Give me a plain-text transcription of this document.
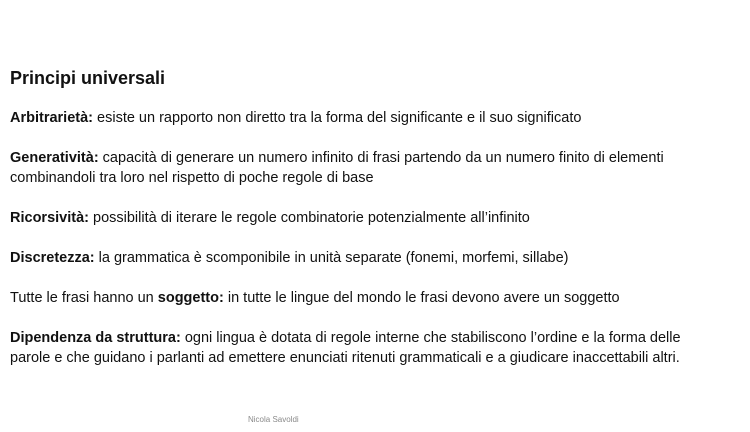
Principi universali

Arbitrarietà: esiste un rapporto non diretto tra la forma del significante e il suo significato

Generatività: capacità di generare un numero infinito di frasi partendo da un numero finito di elementi combinandoli tra loro nel rispetto di poche regole di base

Ricorsività: possibilità di iterare le regole combinatorie potenzialmente all’infinito

Discretezza: la grammatica è scomponibile in unità separate (fonemi, morfemi, sillabe)

Tutte le frasi hanno un soggetto: in tutte le lingue del mondo le frasi devono avere un soggetto

Dipendenza da struttura: ogni lingua è dotata di regole interne che stabiliscono l’ordine e la forma delle parole e che guidano i parlanti ad emettere enunciati ritenuti grammaticali e a giudicare inaccettabili altri.

Nicola Savoldi
